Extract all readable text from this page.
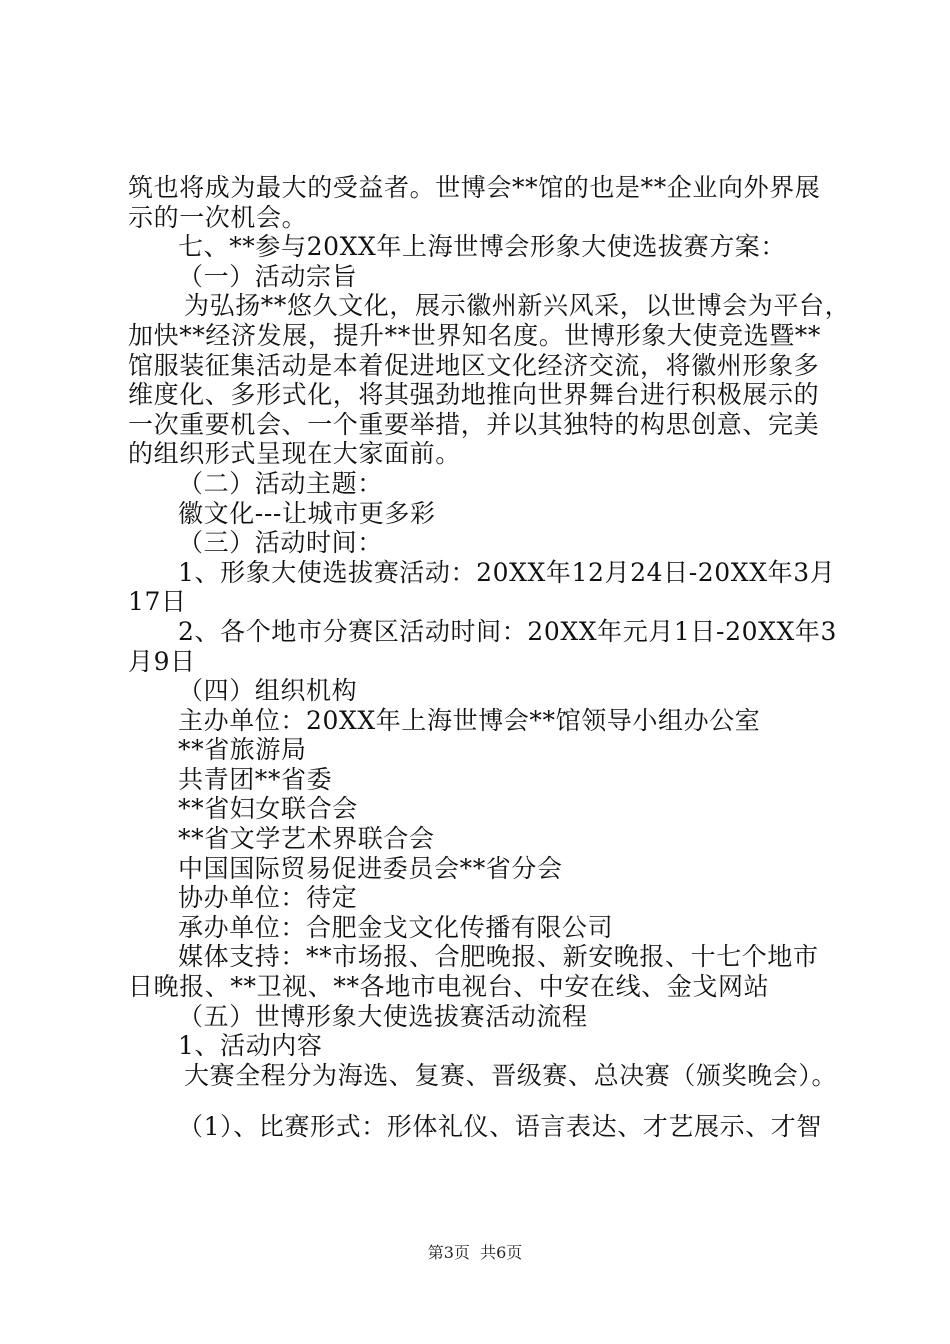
筑也将成为最大的受益者。世博会**馆的也是**企业向外界展
示的一次机会。
七、**参与20XX年上海世博会形象大使选拔赛方案：
（一）活动宗旨
为弘扬**悠久文化，展示徽州新兴风采，以世博会为平台，
加快**经济发展，提升**世界知名度。世博形象大使竞选暨**
馆服装征集活动是本着促进地区文化经济交流，将徽州形象多
维度化、多形式化，将其强劲地推向世界舞台进行积极展示的
一次重要机会、一个重要举措，并以其独特的构思创意、完美
的组织形式呈现在大家面前。
（二）活动主题：
徽文化---让城市更多彩
（三）活动时间：
1、形象大使选拔赛活动：20XX年12月24日-20XX年3月
17日
2、各个地市分赛区活动时间：20XX年元月1日-20XX年3
月9日
（四）组织机构
主办单位：20XX年上海世博会**馆领导小组办公室
**省旅游局
共青团**省委
**省妇女联合会
**省文学艺术界联合会
中国国际贸易促进委员会**省分会
协办单位：待定
承办单位：合肥金戈文化传播有限公司
媒体支持：**市场报、合肥晚报、新安晚报、十七个地市
日晚报、**卫视、**各地市电视台、中安在线、金戈网站
（五）世博形象大使选拔赛活动流程
1、活动内容
大赛全程分为海选、复赛、晋级赛、总决赛（颁奖晚会）。
（1）、比赛形式：形体礼仪、语言表达、才艺展示、才智
第3页  共6页
